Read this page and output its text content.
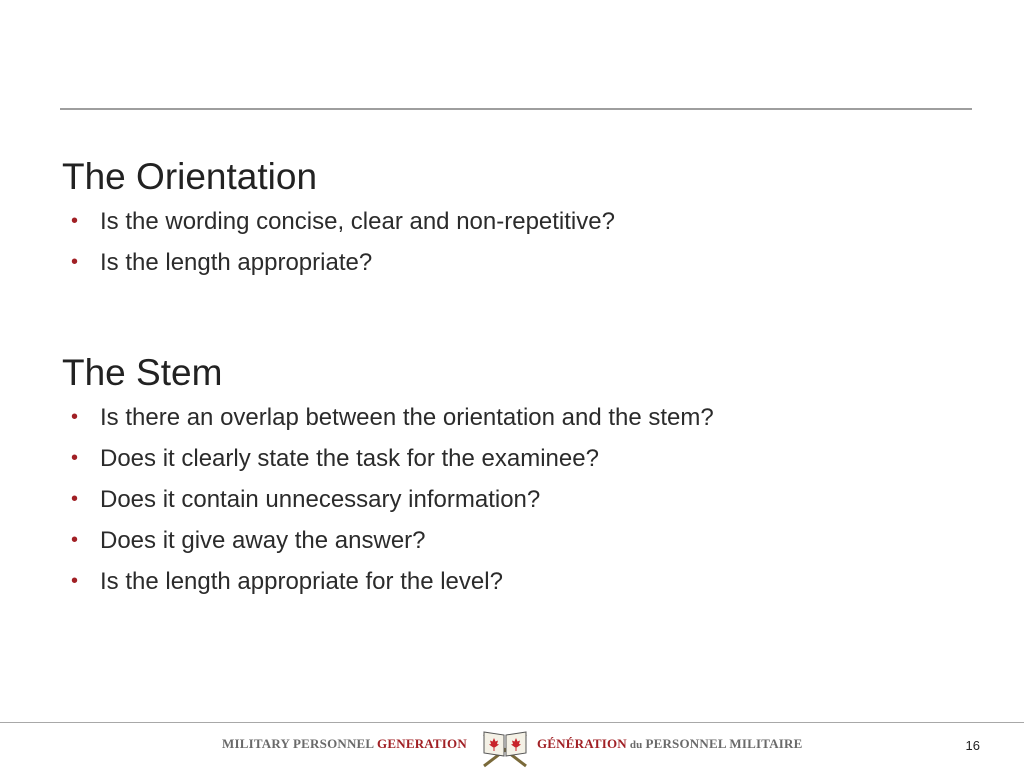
The Orientation
• Is the wording concise, clear and non-repetitive?
• Is the length appropriate?
The Stem
• Is there an overlap between the orientation and the stem?
• Does it clearly state the task for the examinee?
• Does it contain unnecessary information?
• Does it give away the answer?
• Is the length appropriate for the level?
MILITARY PERSONNEL GENERATION	GÉNÉRATION du PERSONNEL MILITAIRE	16
